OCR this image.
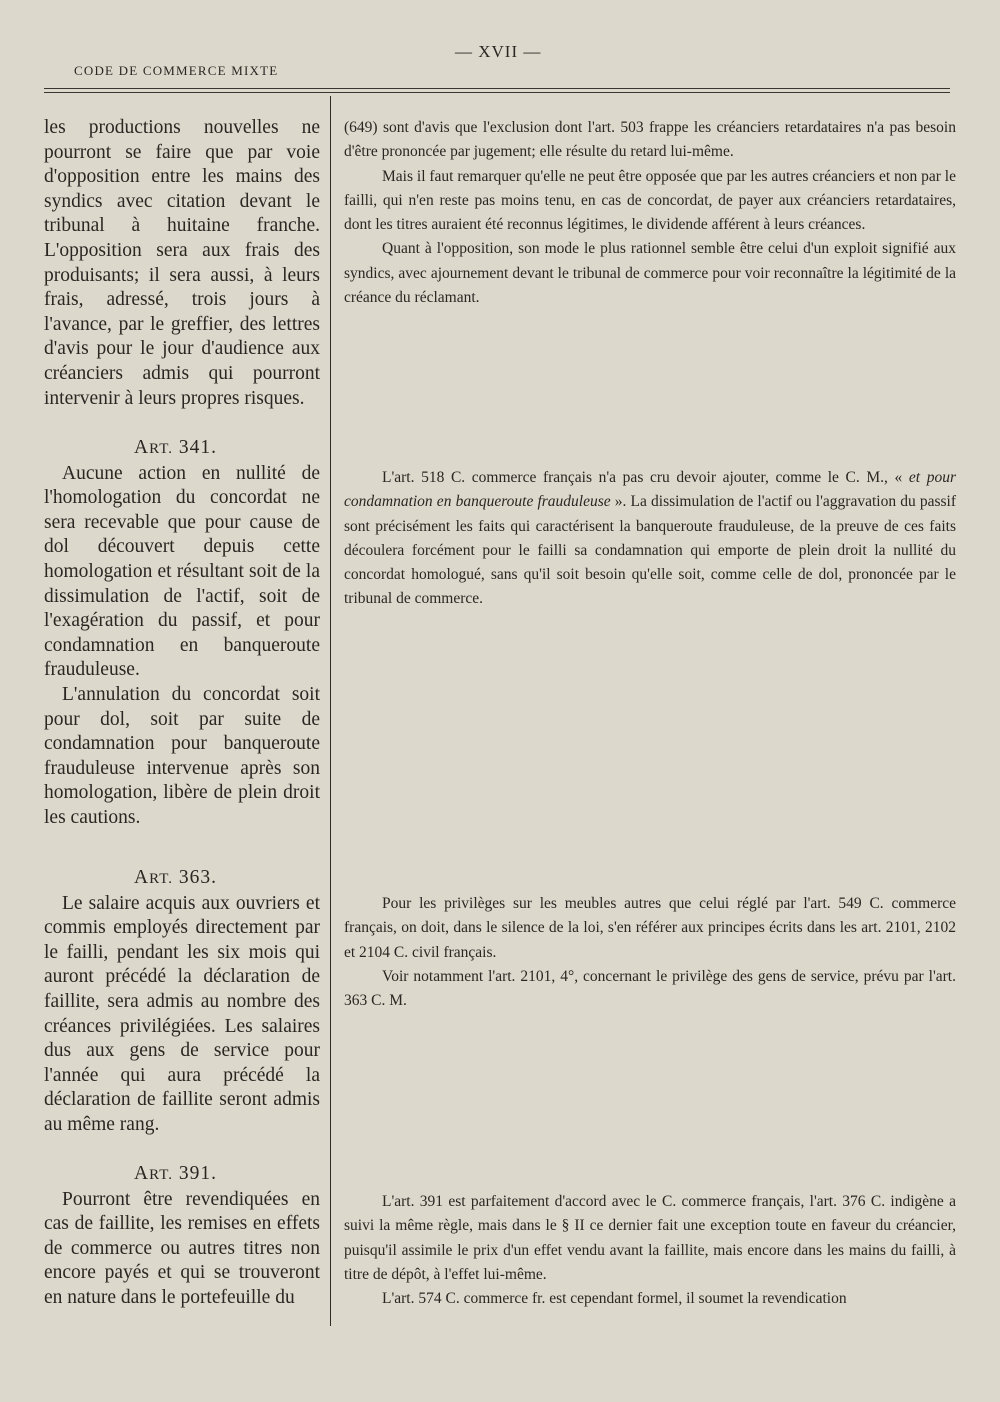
CODE DE COMMERCE MIXTE
— XVII —

les productions nouvelles ne pourront se faire que par voie d'opposition entre les mains des syndics avec citation devant le tribunal à huitaine franche. L'opposition sera aux frais des produisants; il sera aussi, à leurs frais, adressé, trois jours à l'avance, par le greffier, des lettres d'avis pour le jour d'audience aux créanciers admis qui pourront intervenir à leurs propres risques.

ART. 341.

Aucune action en nullité de l'homologation du concordat ne sera recevable que pour cause de dol découvert depuis cette homologation et résultant soit de la dissimulation de l'actif, soit de l'exagération du passif, et pour condamnation en banqueroute frauduleuse.

L'annulation du concordat soit pour dol, soit par suite de condamnation pour banqueroute frauduleuse intervenue après son homologation, libère de plein droit les cautions.

ART. 363.

Le salaire acquis aux ouvriers et commis employés directement par le failli, pendant les six mois qui auront précédé la déclaration de faillite, sera admis au nombre des créances privilégiées. Les salaires dus aux gens de service pour l'année qui aura précédé la déclaration de faillite seront admis au même rang.

ART. 391.

Pourront être revendiquées en cas de faillite, les remises en effets de commerce ou autres titres non encore payés et qui se trouveront en nature dans le portefeuille du

(649) sont d'avis que l'exclusion dont l'art. 503 frappe les créanciers retardataires n'a pas besoin d'être prononcée par jugement; elle résulte du retard lui-même.

Mais il faut remarquer qu'elle ne peut être opposée que par les autres créanciers et non par le failli, qui n'en reste pas moins tenu, en cas de concordat, de payer aux créanciers retardataires, dont les titres auraient été reconnus légitimes, le dividende afférent à leurs créances.

Quant à l'opposition, son mode le plus rationnel semble être celui d'un exploit signifié aux syndics, avec ajournement devant le tribunal de commerce pour voir reconnaître la légitimité de la créance du réclamant.

L'art. 518 C. commerce français n'a pas cru devoir ajouter, comme le C. M., « et pour condamnation en banqueroute frauduleuse ». La dissimulation de l'actif ou l'aggravation du passif sont précisément les faits qui caractérisent la banqueroute frauduleuse, de la preuve de ces faits découlera forcément pour le failli sa condamnation qui emporte de plein droit la nullité du concordat homologué, sans qu'il soit besoin qu'elle soit, comme celle de dol, prononcée par le tribunal de commerce.

Pour les privilèges sur les meubles autres que celui réglé par l'art. 549 C. commerce français, on doit, dans le silence de la loi, s'en référer aux principes écrits dans les art. 2101, 2102 et 2104 C. civil français.

Voir notamment l'art. 2101, 4°, concernant le privilège des gens de service, prévu par l'art. 363 C. M.

L'art. 391 est parfaitement d'accord avec le C. commerce français, l'art. 376 C. indigène a suivi la même règle, mais dans le § II ce dernier fait une exception toute en faveur du créancier, puisqu'il assimile le prix d'un effet vendu avant la faillite, mais encore dans les mains du failli, à titre de dépôt, à l'effet lui-même.

L'art. 574 C. commerce fr. est cependant formel, il soumet la revendication
